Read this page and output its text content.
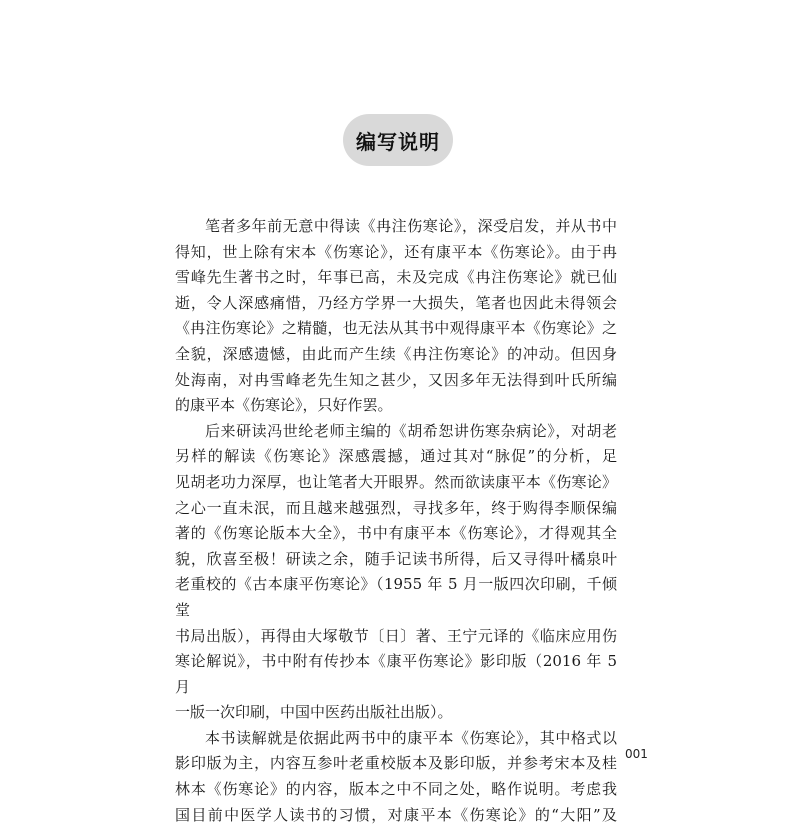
编写说明

笔者多年前无意中得读《冉注伤寒论》，深受启发，并从书中

得知，世上除有宋本《伤寒论》，还有康平本《伤寒论》。由于冉

雪峰先生著书之时，年事已高，未及完成《冉注伤寒论》就已仙

逝，令人深感痛惜，乃经方学界一大损失，笔者也因此未得领会

《冉注伤寒论》之精髓，也无法从其书中观得康平本《伤寒论》之

全貌，深感遗憾，由此而产生续《冉注伤寒论》的冲动。但因身

处海南，对冉雪峰老先生知之甚少，又因多年无法得到叶氏所编

的康平本《伤寒论》，只好作罢。

后来研读冯世纶老师主编的《胡希恕讲伤寒杂病论》，对胡老

另样的解读《伤寒论》深感震撼，通过其对“脉促”的分析，足

见胡老功力深厚，也让笔者大开眼界。然而欲读康平本《伤寒论》

之心一直未泯，而且越来越强烈，寻找多年，终于购得李顺保编

著的《伤寒论版本大全》，书中有康平本《伤寒论》，才得观其全

貌，欣喜至极！研读之余，随手记读书所得，后又寻得叶橘泉叶

老重校的《古本康平伤寒论》（1955 年 5 月一版四次印刷，千倾堂

书局出版），再得由大塚敬节〔日〕著、王宁元译的《临床应用伤

寒论解说》，书中附有传抄本《康平伤寒论》影印版（2016 年 5 月

一版一次印刷，中国中医药出版社出版）。

本书读解就是依据此两书中的康平本《伤寒论》，其中格式以

影印版为主，内容互参叶老重校版本及影印版，并参考宋本及桂

林本《伤寒论》的内容，版本之中不同之处，略作说明。考虑我

国目前中医学人读书的习惯，对康平本《伤寒论》的“大阳”及

001
